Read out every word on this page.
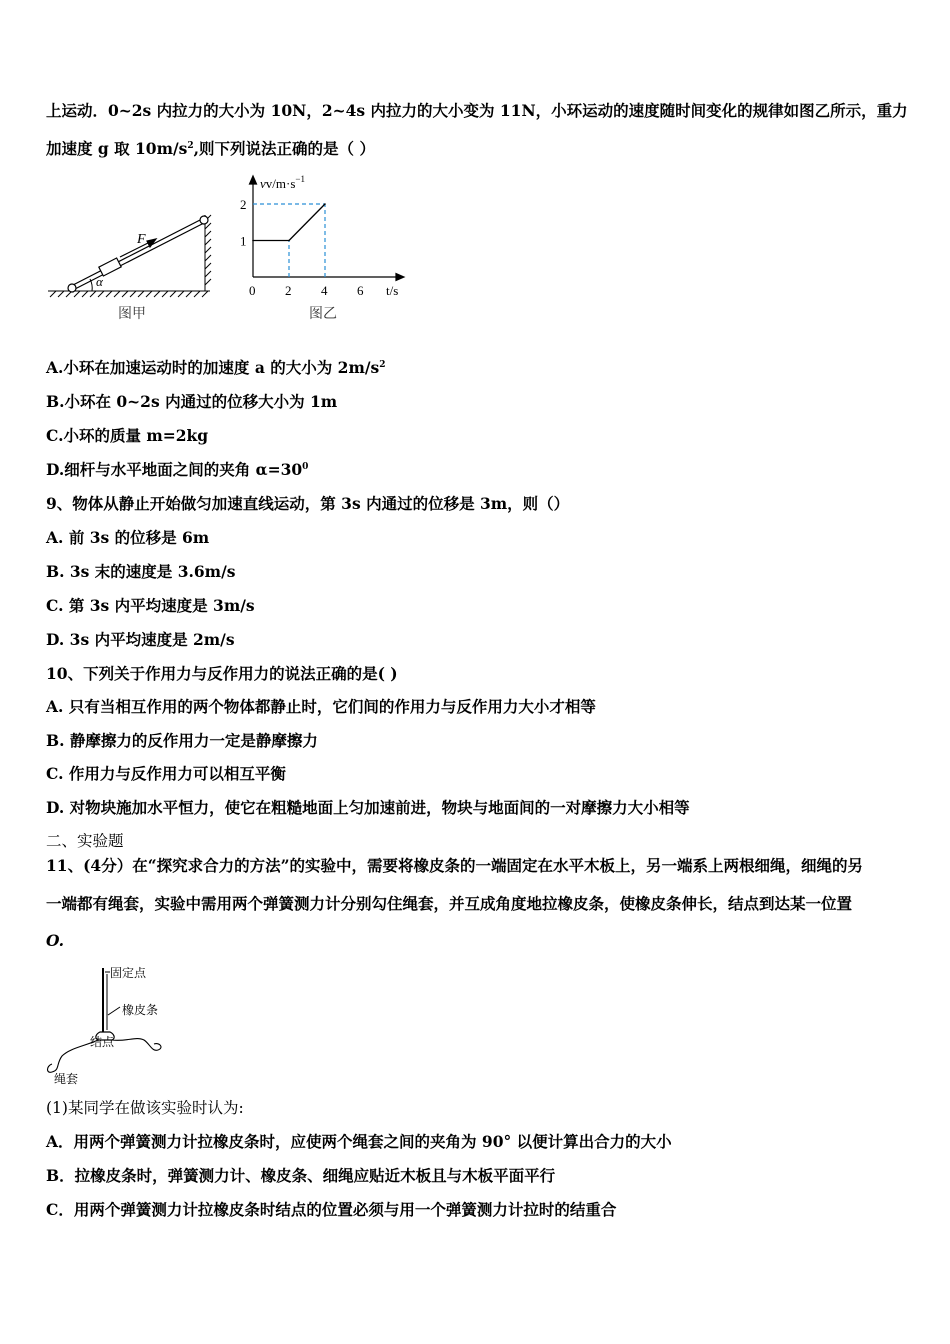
上运动．0~2s 内拉力的大小为 10N，2~4s 内拉力的大小变为 11N，小环运动的速度随时间变化的规律如图乙所示，重力
加速度 g 取 $10m/s^2$,则下列说法正确的是（ ）
F
α
图甲
$vv/m\cdot s^{-1}$
t/s
0 2 4 6
1
2
图乙
A.小环在加速运动时的加速度 a 的大小为 $2m/s^2$
B.小环在 0~2s 内通过的位移大小为 1m
C.小环的质量 m=2kg
D.细杆与水平地面之间的夹角 $\alpha=30^0$
9、物体从静止开始做匀加速直线运动，第 3s 内通过的位移是 3m，则（）
A. 前 3s 的位移是 6m
B. 3s 末的速度是 3.6m/s
C. 第 3s 内平均速度是 3m/s
D. 3s 内平均速度是 2m/s
10、下列关于作用力与反作用力的说法正确的是( )
A. 只有当相互作用的两个物体都静止时，它们间的作用力与反作用力大小才相等
B. 静摩擦力的反作用力一定是静摩擦力
C. 作用力与反作用力可以相互平衡
D. 对物块施加水平恒力，使它在粗糙地面上匀加速前进，物块与地面间的一对摩擦力大小相等
二、实验题
11、(4分）在“探究求合力的方法”的实验中，需要将橡皮条的一端固定在水平木板上，另一端系上两根细绳，细绳的另
一端都有绳套，实验中需用两个弹簧测力计分别勾住绳套，并互成角度地拉橡皮条，使橡皮条伸长，结点到达某一位置
O.
固定点
橡皮条
结点
绳套
(1)某同学在做该实验时认为:
A．用两个弹簧测力计拉橡皮条时，应使两个绳套之间的夹角为 90° 以便计算出合力的大小
B．拉橡皮条时，弹簧测力计、橡皮条、细绳应贴近木板且与木板平面平行
C．用两个弹簧测力计拉橡皮条时结点的位置必须与用一个弹簧测力计拉时的结重合
